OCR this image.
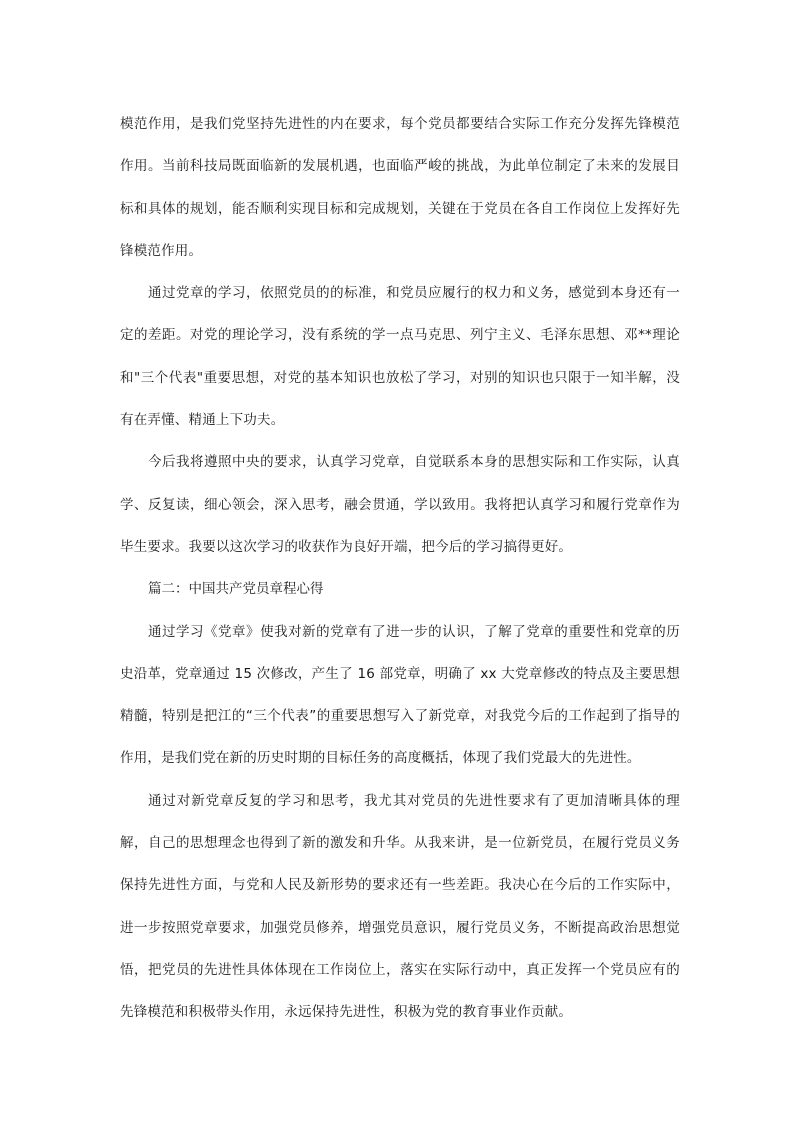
模范作用，是我们党坚持先进性的内在要求，每个党员都要结合实际工作充分发挥先锋模范作用。当前科技局既面临新的发展机遇，也面临严峻的挑战，为此单位制定了未来的发展目标和具体的规划，能否顺利实现目标和完成规划，关键在于党员在各自工作岗位上发挥好先锋模范作用。

通过党章的学习，依照党员的的标准，和党员应履行的权力和义务，感觉到本身还有一定的差距。对党的理论学习，没有系统的学一点马克思、列宁主义、毛泽东思想、邓**理论和"三个代表"重要思想，对党的基本知识也放松了学习，对别的知识也只限于一知半解，没有在弄懂、精通上下功夫。

今后我将遵照中央的要求，认真学习党章，自觉联系本身的思想实际和工作实际，认真学、反复读，细心领会，深入思考，融会贯通，学以致用。我将把认真学习和履行党章作为毕生要求。我要以这次学习的收获作为良好开端，把今后的学习搞得更好。

篇二：中国共产党员章程心得

通过学习《党章》使我对新的党章有了进一步的认识，了解了党章的重要性和党章的历史沿革，党章通过 15 次修改，产生了 16 部党章，明确了 xx 大党章修改的特点及主要思想精髓，特别是把江的“三个代表”的重要思想写入了新党章，对我党今后的工作起到了指导的作用，是我们党在新的历史时期的目标任务的高度概括，体现了我们党最大的先进性。

通过对新党章反复的学习和思考，我尤其对党员的先进性要求有了更加清晰具体的理解，自己的思想理念也得到了新的激发和升华。从我来讲，是一位新党员，在履行党员义务保持先进性方面，与党和人民及新形势的要求还有一些差距。我决心在今后的工作实际中，进一步按照党章要求，加强党员修养，增强党员意识，履行党员义务，不断提高政治思想觉悟，把党员的先进性具体体现在工作岗位上，落实在实际行动中，真正发挥一个党员应有的先锋模范和积极带头作用，永远保持先进性，积极为党的教育事业作贡献。
